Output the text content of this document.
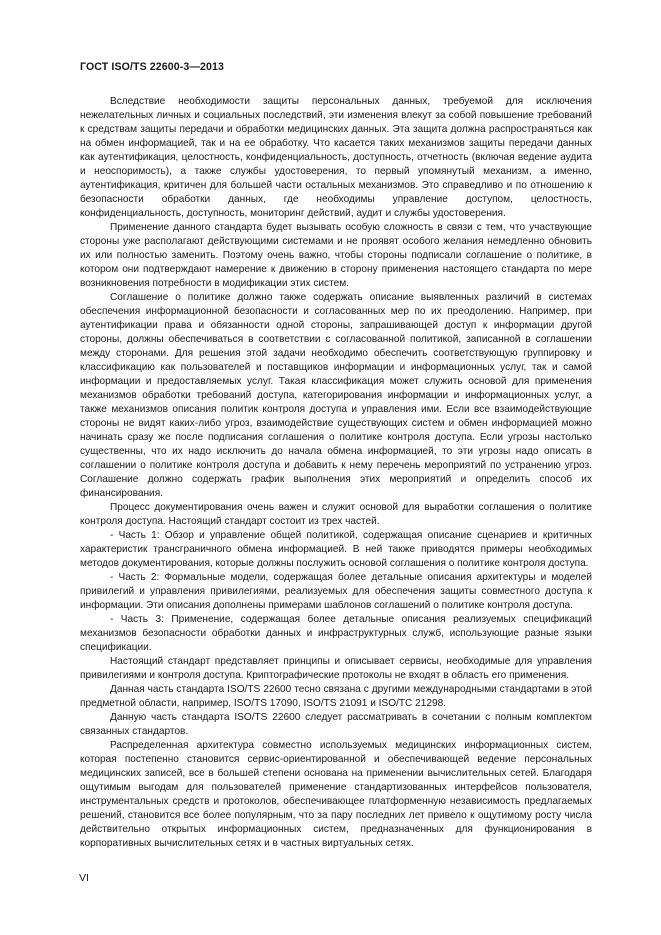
ГОСТ ISO/TS 22600-3—2013

Вследствие необходимости защиты персональных данных, требуемой для исключения нежелательных личных и социальных последствий, эти изменения влекут за собой повышение требований к средствам защиты передачи и обработки медицинских данных. Эта защита должна распространяться как на обмен информацией, так и на ее обработку. Что касается таких механизмов защиты передачи данных как аутентификация, целостность, конфиденциальность, доступность, отчетность (включая ведение аудита и неоспоримость), а также службы удостоверения, то первый упомянутый механизм, а именно, аутентификация, критичен для большей части остальных механизмов. Это справедливо и по отношению к безопасности обработки данных, где необходимы управление доступом, целостность, конфиденциальность, доступность, мониторинг действий, аудит и службы удостоверения.

Применение данного стандарта будет вызывать особую сложность в связи с тем, что участвующие стороны уже располагают действующими системами и не проявят особого желания немедленно обновить их или полностью заменить. Поэтому очень важно, чтобы стороны подписали соглашение о политике, в котором они подтверждают намерение к движению в сторону применения настоящего стандарта по мере возникновения потребности в модификации этих систем.

Соглашение о политике должно также содержать описание выявленных различий в системах обеспечения информационной безопасности и согласованных мер по их преодолению. Например, при аутентификации права и обязанности одной стороны, запрашивающей доступ к информации другой стороны, должны обеспечиваться в соответствии с согласованной политикой, записанной в соглашении между сторонами. Для решения этой задачи необходимо обеспечить соответствующую группировку и классификацию как пользователей и поставщиков информации и информационных услуг, так и самой информации и предоставляемых услуг. Такая классификация может служить основой для применения механизмов обработки требований доступа, категорирования информации и информационных услуг, а также механизмов описания политик контроля доступа и управления ими. Если все взаимодействующие стороны не видят каких-либо угроз, взаимодействие существующих систем и обмен информацией можно начинать сразу же после подписания соглашения о политике контроля доступа. Если угрозы настолько существенны, что их надо исключить до начала обмена информацией, то эти угрозы надо описать в соглашении о политике контроля доступа и добавить к нему перечень мероприятий по устранению угроз. Соглашение должно содержать график выполнения этих мероприятий и определить способ их финансирования.

Процесс документирования очень важен и служит основой для выработки соглашения о политике контроля доступа. Настоящий стандарт состоит из трех частей.

- Часть 1: Обзор и управление общей политикой, содержащая описание сценариев и критичных характеристик трансграничного обмена информацией. В ней также приводятся примеры необходимых методов документирования, которые должны послужить основой соглашения о политике контроля доступа.

- Часть 2: Формальные модели, содержащая более детальные описания архитектуры и моделей привилегий и управления привилегиями, реализуемых для обеспечения защиты совместного доступа к информации. Эти описания дополнены примерами шаблонов соглашений о политике контроля доступа.

- Часть 3: Применение, содержащая более детальные описания реализуемых спецификаций механизмов безопасности обработки данных и инфраструктурных служб, использующие разные языки спецификации.

Настоящий стандарт представляет принципы и описывает сервисы, необходимые для управления привилегиями и контроля доступа. Криптографические протоколы не входят в область его применения.

Данная часть стандарта ISO/TS 22600 тесно связана с другими международными стандартами в этой предметной области, например, ISO/TS 17090, ISO/TS 21091 и ISO/TC 21298.

Данную часть стандарта ISO/TS 22600 следует рассматривать в сочетании с полным комплектом связанных стандартов.

Распределенная архитектура совместно используемых медицинских информационных систем, которая постепенно становится сервис-ориентированной и обеспечивающей ведение персональных медицинских записей, все в большей степени основана на применении вычислительных сетей. Благодаря ощутимым выгодам для пользователей применение стандартизованных интерфейсов пользователя, инструментальных средств и протоколов, обеспечивающее платформенную независимость предлагаемых решений, становится все более популярным, что за пару последних лет привело к ощутимому росту числа действительно открытых информационных систем, предназначенных для функционирования в корпоративных вычислительных сетях и в частных виртуальных сетях.

VI
